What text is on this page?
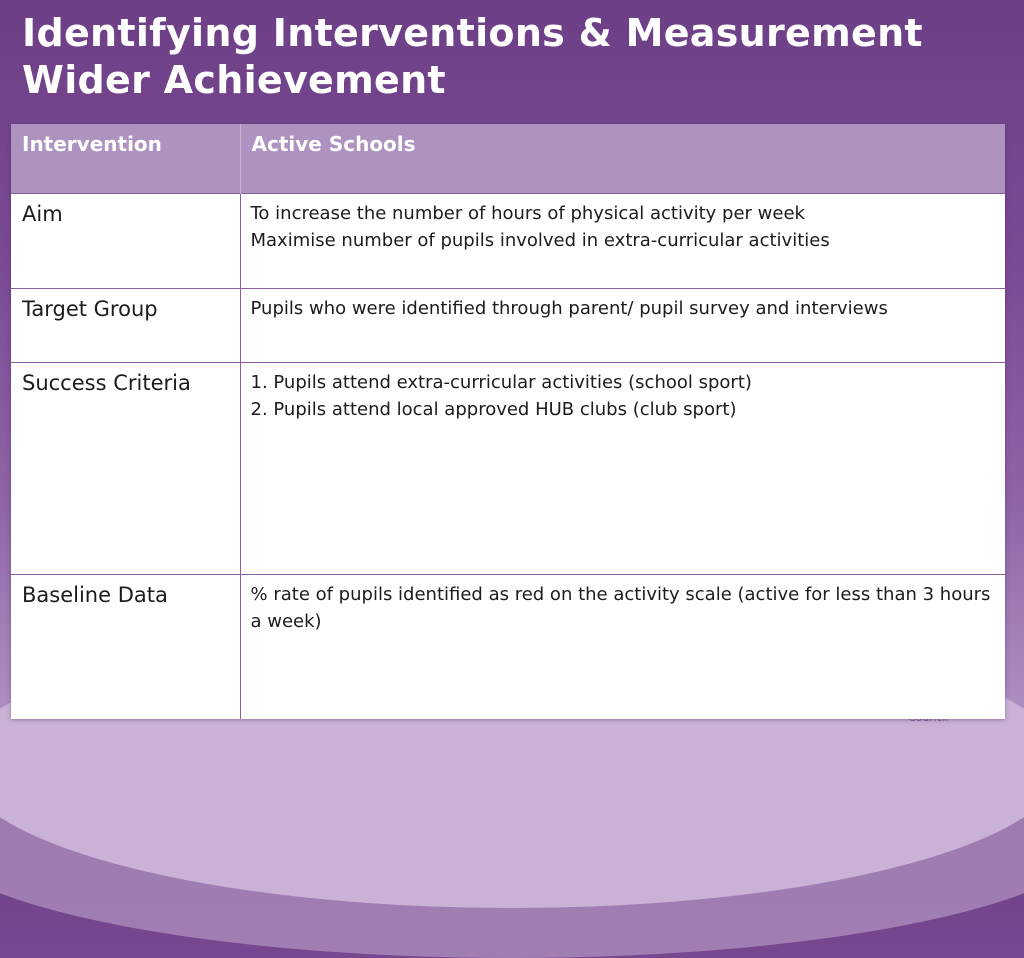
Identifying Interventions & Measurement
Wider Achievement
Intervention	Active Schools
Aim	To increase the number of hours of physical activity per week
Maximise number of pupils involved in extra-curricular activities

Target Group	Pupils who were identified through parent/ pupil survey and interviews

Success Criteria	1. Pupils attend extra-curricular activities (school sport)
2. Pupils attend local approved HUB clubs (club sport)

Baseline Data	% rate of pupils identified as red on the activity scale (active for less than 3 hours a week)
